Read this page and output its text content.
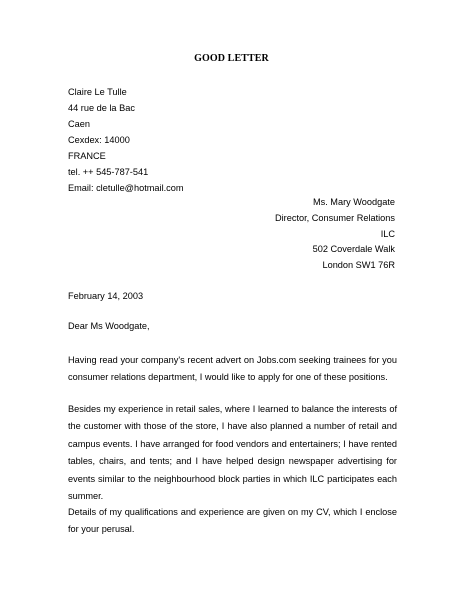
GOOD LETTER
Claire Le Tulle
44 rue de la Bac
Caen
Cexdex: 14000
FRANCE
tel. ++ 545-787-541
Email: cletulle@hotmail.com
Ms. Mary Woodgate
Director, Consumer Relations
ILC
502 Coverdale Walk
London SW1 76R
February 14, 2003
Dear Ms Woodgate,
Having read your company's recent advert on Jobs.com seeking trainees for you
consumer relations department, I would like to apply for one of these positions.
Besides my experience in retail sales, where I learned to balance the interests of
the customer with those of the store, I have also planned a number of retail and
campus events. I have arranged for food vendors and entertainers; I have rented
tables, chairs, and tents; and I have helped design newspaper advertising for
events similar to the neighbourhood block parties in which ILC participates each
summer.
Details of my qualifications and experience are given on my CV, which I enclose
for your perusal.
